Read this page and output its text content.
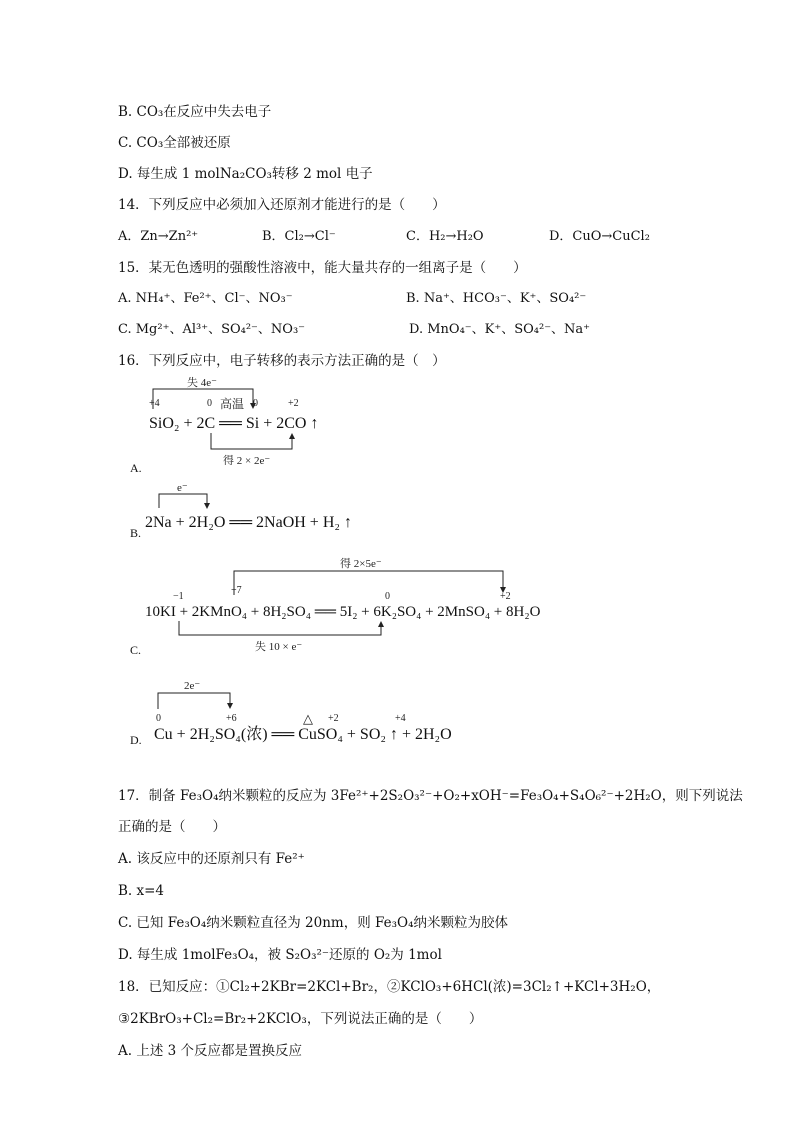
B. CO₃在反应中失去电子
C. CO₃全部被还原
D. 每生成 1 molNa₂CO₃转移 2 mol 电子
14．下列反应中必须加入还原剂才能进行的是（　　）
A．Zn→Zn²⁺	B．Cl₂→Cl⁻	C．H₂→H₂O	D．CuO→CuCl₂
15．某无色透明的强酸性溶液中，能大量共存的一组离子是（　　）
A. NH₄⁺、Fe²⁺、Cl⁻、NO₃⁻	B. Na⁺、HCO₃⁻、K⁺、SO₄²⁻
C. Mg²⁺、Al³⁺、SO₄²⁻、NO₃⁻	D. MnO₄⁻、K⁺、SO₄²⁻、Na⁺
16．下列反应中，电子转移的表示方法正确的是（　）
A.
失 4e⁻
+4	0 高温 0	+2
SiO₂ + 2C ══ Si + 2CO ↑
得 2 × 2e⁻
B.
e⁻
2Na + 2H₂O ══ 2NaOH + H₂ ↑
C.
得 2×5e⁻
−1
+7
0	+2
10KI + 2KMnO₄ + 8H₂SO₄ ══ 5I₂ + 6K₂SO₄ + 2MnSO₄ + 8H₂O
失 10 × e⁻
D.
2e⁻
0	+6	△ +2	+4
Cu + 2H₂SO₄(浓) ══ CuSO₄ + SO₂ ↑ + 2H₂O
17．制备 Fe₃O₄纳米颗粒的反应为 3Fe²⁺+2S₂O₃²⁻+O₂+xOH⁻=Fe₃O₄+S₄O₆²⁻+2H₂O，则下列说法
正确的是（　　）
A. 该反应中的还原剂只有 Fe²⁺
B. x=4
C. 已知 Fe₃O₄纳米颗粒直径为 20nm，则 Fe₃O₄纳米颗粒为胶体
D. 每生成 1molFe₃O₄，被 S₂O₃²⁻还原的 O₂为 1mol
18．已知反应：①Cl₂+2KBr=2KCl+Br₂，②KClO₃+6HCl(浓)=3Cl₂↑+KCl+3H₂O，
③2KBrO₃+Cl₂=Br₂+2KClO₃，下列说法正确的是（　　）
A. 上述 3 个反应都是置换反应
